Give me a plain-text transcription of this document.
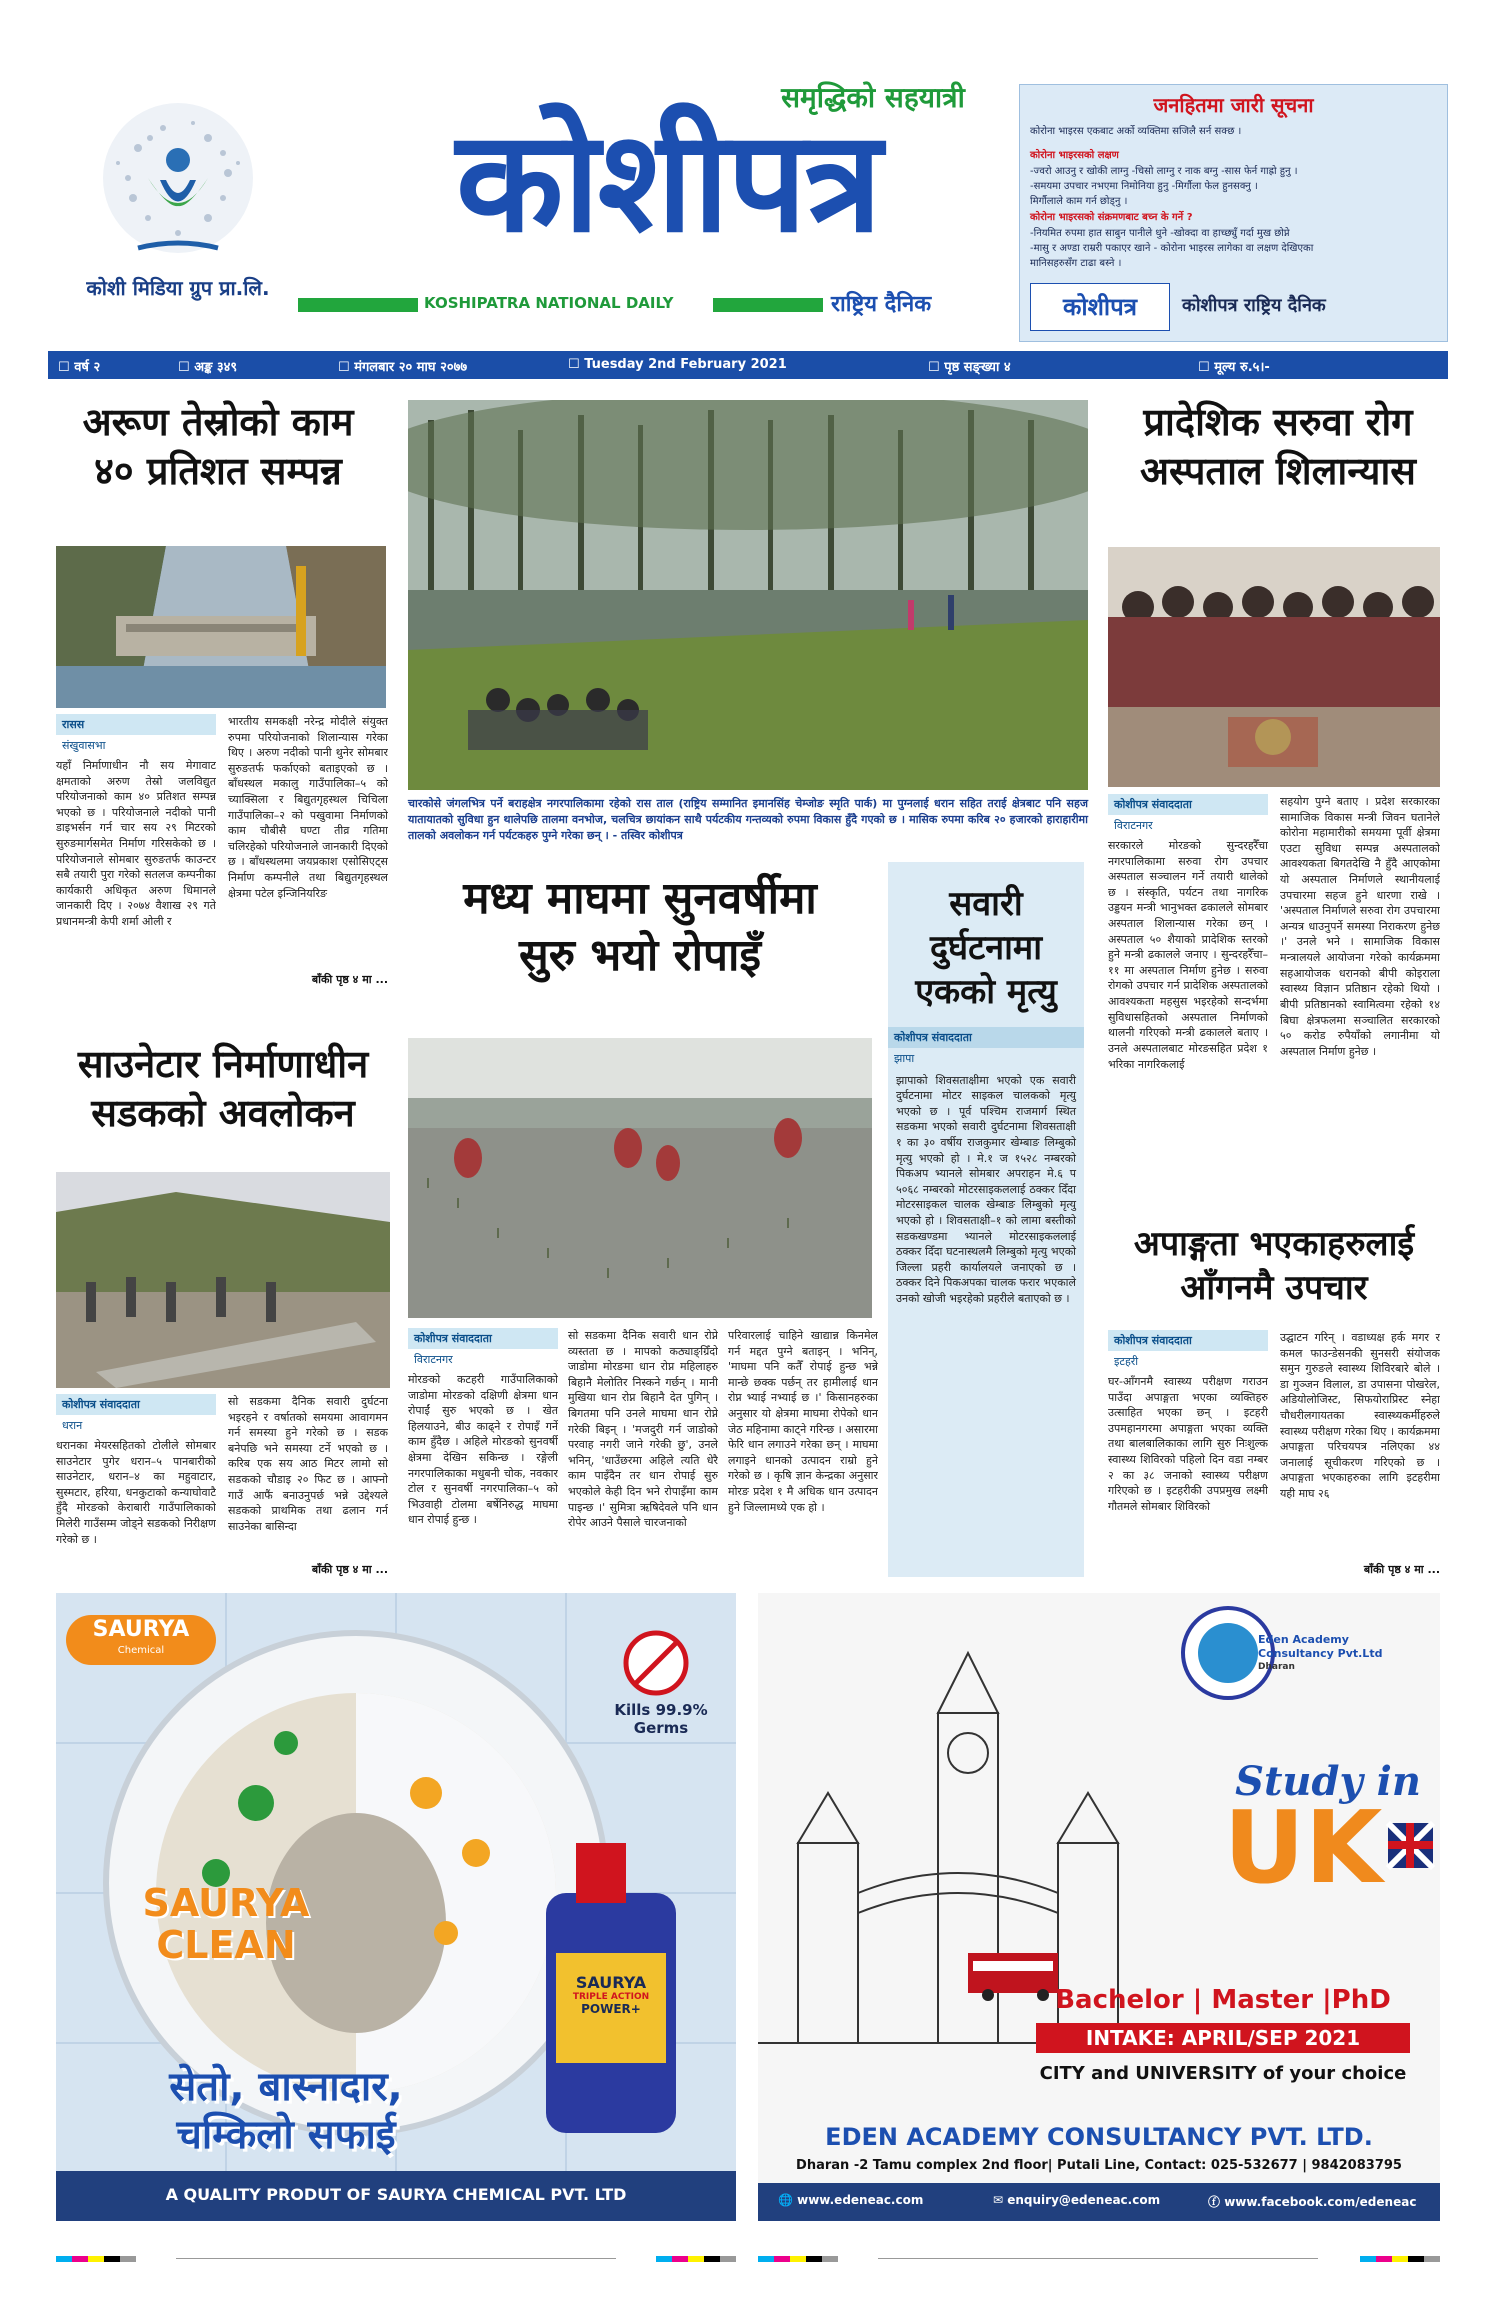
कोशी मिडिया ग्रुप प्रा.लि.
समृद्धिको सहयात्री
कोशीपत्र
KOSHIPATRA NATIONAL DAILY	राष्ट्रिय दैनिक
जनहितमा जारी सूचना
कोरोना भाइरस एकबाट अर्को व्यक्तिमा सजिलै सर्न सक्छ ।
कोरोना भाइरसको लक्षण
-ज्वरो आउनु र खोकी लाग्नु -चिसो लाग्नु र नाक बग्नु -सास फेर्न गाह्रो हुनु ।
-समयमा उपचार नभएमा निमोनिया हुनु -मिर्गौला फेल हुनसक्नु ।
मिर्गौलाले काम गर्न छोड्नु ।
कोरोना भाइरसको संक्रमणबाट बच्न के गर्ने ?
-नियमित रुपमा हात साबुन पानीले धुने -खोक्दा वा हाच्छ्युँ गर्दा मुख छोप्ने
-मासु र अण्डा राम्ररी पकाएर खाने - कोरोना भाइरस लागेका वा लक्षण देखिएका
मानिसहरुसँग टाढा बस्ने ।
कोशीपत्र	कोशीपत्र राष्ट्रिय दैनिक
☐ वर्ष २	☐ अङ्क ३४९	☐ मंगलबार २० माघ २०७७	☐ Tuesday 2nd February 2021	☐ पृष्ठ सङ्ख्या ४	☐ मूल्य रु.५।-
अरूण तेस्रोको काम
४० प्रतिशत सम्पन्न
रासस
संखुवासभा
यहाँ निर्माणाधीन नौ सय मेगावाट क्षमताको अरुण तेस्रो जलविद्युत परियोजनाको काम ४० प्रतिशत सम्पन्न भएको छ । परियोजनाले नदीको पानी डाइभर्सन गर्न चार सय २९ मिटरको सुरुङमार्गसमेत निर्माण गरिसकेको छ । परियोजनाले सोमबार सुरुङतर्फ काउन्टर सबै तयारी पुरा गरेको सतलज कम्पनीका कार्यकारी अधिकृत अरुण धिमानले जानकारी दिए । २०७४ वैशाख २९ गते प्रधानमन्त्री केपी शर्मा ओली र
भारतीय समकक्षी नरेन्द्र मोदीले संयुक्त रुपमा परियोजनाको शिलान्यास गरेका थिए । अरुण नदीको पानी थुनेर सोमबार सुरुङतर्फ फर्काएको बताइएको छ । बाँधस्थल मकालु गाउँपालिका–५ को च्याक्सिला र बिद्युतगृहस्थल चिचिला गाउँपालिका–२ को पखुवामा निर्माणको काम चौबीसै घण्टा तीव्र गतिमा चलिरहेको परियोजनाले जानकारी दिएको छ । बाँधस्थलमा जयप्रकाश एसोसिएट्स निर्माण कम्पनीले तथा बिद्युतगृहस्थल क्षेत्रमा पटेल इन्जिनियरिङ
बाँकी पृष्ठ ४ मा ...
चारकोसे जंगलभित्र पर्ने बराहक्षेत्र नगरपालिकामा रहेको रास ताल (राष्ट्रिय सम्मानित इमानसिंह चेम्जोङ स्मृति पार्क) मा पुग्नलाई धरान सहित तराई क्षेत्रबाट पनि सहज यातायातको सुविधा हुन थालेपछि तालमा वनभोज, चलचित्र छायांकन साथै पर्यटकीय गन्तव्यको रुपमा विकास हुँदै गएको छ । मासिक रुपमा करिब २० हजारको हाराहारीमा तालको अवलोकन गर्न पर्यटकहरु पुग्ने गरेका छन् । - तस्विर कोशीपत्र
प्रादेशिक सरुवा रोग
अस्पताल शिलान्यास
कोशीपत्र संवाददाता
विराटनगर
सरकारले मोरङको सुन्दरहरैँचा नगरपालिकामा सरुवा रोग उपचार अस्पताल सञ्चालन गर्ने तयारी थालेको छ । संस्कृति, पर्यटन तथा नागरिक उड्डयन मन्त्री भानुभक्त ढकालले सोमबार अस्पताल शिलान्यास गरेका छन् । अस्पताल ५० शैयाको प्रादेशिक स्तरको हुने मन्त्री ढकालले जनाए । सुन्दरहरैँचा–११ मा अस्पताल निर्माण हुनेछ । सरुवा रोगको उपचार गर्न प्रादेशिक अस्पतालको आवश्यकता महसुस भइरहेको सन्दर्भमा सुविधासहितको अस्पताल निर्माणको थालनी गरिएको मन्त्री ढकालले बताए । उनले अस्पतालबाट मोरङसहित प्रदेश १ भरिका नागरिकलाई
सहयोग पुग्ने बताए । प्रदेश सरकारका सामाजिक विकास मन्त्री जिवन घतानेले कोरोना महामारीको समयमा पूर्वी क्षेत्रमा एउटा सुविधा सम्पन्न अस्पतालको आवश्यकता बिगतदेखि नै हुँदै आएकोमा यो अस्पताल निर्माणले स्थानीयलाई उपचारमा सहज हुने धारणा राखे । 'अस्पताल निर्माणले सरुवा रोग उपचारमा अन्यत्र धाउनुपर्ने समस्या निराकरण हुनेछ ।' उनले भने । सामाजिक विकास मन्त्रालयले आयोजना गरेको कार्यक्रममा सहआयोजक धरानको बीपी कोइराला स्वास्थ्य विज्ञान प्रतिष्ठान रहेको थियो । बीपी प्रतिष्ठानको स्वामित्वमा रहेको १४ बिघा क्षेत्रफलमा सञ्चालित सरकारको ५० करोड रुपैयाँको लगानीमा यो अस्पताल निर्माण हुनेछ ।
मध्य माघमा सुनवर्षीमा
सुरु भयो रोपाइँ
कोशीपत्र संवाददाता
विराटनगर
मोरङको कटहरी गाउँपालिकाको जाडोमा मोरङको दक्षिणी क्षेत्रमा धान रोपाईं सुरु भएको छ । खेत हिलयाउने, बीउ काढ्ने र रोपाइँ गर्ने काम हुँदैछ । अहिले मोरङको सुनवर्षी क्षेत्रमा देखिन सकिन्छ । रङ्गेली नगरपालिकाका मधुबनी चोक, नवकार टोल र सुनवर्षी नगरपालिका–५ को भिउवाही टोलमा बर्षेनिरुद्ध माघमा धान रोपाई हुन्छ ।
सो सडकमा दैनिक सवारी धान रोप्ने व्यस्तता छ । मापको कठ्याङ्ग्रिँदो जाडोमा मोरङमा धान रोप्न महिलाहरु बिहानै मेलोतिर निस्कने गर्छन् । मानी मुखिया धान रोप्न बिहानै देत पुगिन् । बिगतमा पनि उनले माघमा धान रोप्ने गरेकी बिइन् । 'मजदुरी गर्न जाडोको परवाह नगरी जाने गरेकी छु', उनले भनिन्, 'धाउँछरमा अहिले त्यति धेरै काम पाइँदैन तर धान रोपाई सुरु भएकोले केही दिन भने रोपाइँमा काम पाइन्छ ।' सुमित्रा ऋषिदेवले पनि धान रोपेर आउने पैसाले चारजनाको
परिवारलाई चाहिने खाद्यान्न किनमेल गर्न मद्दत पुग्ने बताइन् । भनिन्, 'माघमा पनि कतैँ रोपाई हुन्छ भन्ने मान्छे छक्क पर्छन् तर हामीलाई धान रोप्न भ्याई नभ्याई छ ।' किसानहरुका अनुसार यो क्षेत्रमा माघमा रोपेको धान जेठ महिनामा काट्ने गरिन्छ । असारमा फेरि धान लगाउने गरेका छन् । माघमा लगाइने धानको उत्पादन राम्रो हुने गरेको छ । कृषि ज्ञान केन्द्रका अनुसार मोरङ प्रदेश १ मै अधिक धान उत्पादन हुने जिल्लामध्ये एक हो ।
सवारी
दुर्घटनामा
एकको मृत्यु
कोशीपत्र संवाददाता
झापा
झापाको शिवसताक्षीमा भएको एक सवारी दुर्घटनामा मोटर साइकल चालकको मृत्यु भएको छ । पूर्व पश्चिम राजमार्ग स्थित सडकमा भएको सवारी दुर्घटनामा शिवसताक्षी १ का ३० वर्षीय राजकुमार खेम्बाङ लिम्बुको मृत्यु भएको हो । मे.१ ज १५२८ नम्बरको पिकअप भ्यानले सोमबार अपराहन मे.६ प ५०६८ नम्बरको मोटरसाइकललाई ठक्कर दिँदा मोटरसाइकल चालक खेम्बाङ लिम्बुको मृत्यु भएको हो । शिवसताक्षी–१ को लामा बस्तीको सडकखण्डमा भ्यानले मोटरसाइकललाई ठक्कर दिँदा घटनास्थलमै लिम्बुको मृत्यु भएको जिल्ला प्रहरी कार्यालयले जनाएको छ । ठक्कर दिने पिकअपका चालक फरार भएकाले उनको खोजी भइरहेको प्रहरीले बताएको छ ।
साउनेटार निर्माणाधीन
सडकको अवलोकन
कोशीपत्र संवाददाता
धरान
धरानका मेयरसहितको टोलीले सोमबार साउनेटार पुगेर धरान–५ पानबारीको साउनेटार, धरान–४ का महुवाटार, सुस्मटार, हरिया, धनकुटाको कन्याघोवाटै हुँदै मोरङको केराबारी गाउँपालिकाको मिलेरी गाउँसम्म जोड्ने सडकको निरीक्षण गरेको छ ।
सो सडकमा दैनिक सवारी दुर्घटना भइरहने र वर्षातको समयमा आवागमन गर्न समस्या हुने गरेको छ । सडक बनेपछि भने समस्या टर्ने भएको छ । करिब एक सय आठ मिटर लामो सो सडकको चौडाइ २० फिट छ । आफ्नो गाउँ आफैं बनाउनुपर्छ भन्ने उद्देश्यले सडकको प्राथमिक तथा ढलान गर्न साउनेका बासिन्दा
बाँकी पृष्ठ ४ मा ...
अपाङ्गता भएकाहरुलाई
आँगनमै उपचार
कोशीपत्र संवाददाता
इटहरी
घर-आँगनमै स्वास्थ्य परीक्षण गराउन पाउँदा अपाङ्गता भएका व्यक्तिहरु उत्साहित भएका छन् । इटहरी उपमहानगरमा अपाङ्गता भएका व्यक्ति तथा बालबालिकाका लागि सुरु निःशुल्क स्वास्थ्य शिविरको पहिलो दिन वडा नम्बर २ का ३८ जनाको स्वास्थ्य परीक्षण गरिएको छ । इटहरीकी उपप्रमुख लक्ष्मी गौतमले सोमबार शिविरको
उद्घाटन गरिन् । वडाध्यक्ष हर्क मगर र कमल फाउन्डेसनकी सुनसरी संयोजक समुन गुरुङले स्वास्थ्य शिविरबारे बोले । डा गुञ्जन विलाल, डा उपासना पोखरेल, अडियोलोजिस्ट, सिफयोराप्रिस्ट स्नेहा चौधरीलगायतका स्वास्थ्यकर्मीहरुले स्वास्थ्य परीक्षण गरेका थिए । कार्यक्रममा अपाङ्गता परिचयपत्र नलिएका ४४ जनालाई सूचीकरण गरिएको छ । अपाङ्गता भएकाहरुका लागि इटहरीमा यही माघ २६
बाँकी पृष्ठ ४ मा ...
SAURYA
Chemical
Kills 99.9% Germs
SAURYA
CLEAN
SAURYA
TRIPLE ACTION
POWER+
सेतो, बास्नादार,
चम्किलो सफाई
A QUALITY PRODUT OF SAURYA CHEMICAL PVT. LTD
Eden Academy
Consultancy Pvt.Ltd
Dharan
Study in
UK
Bachelor | Master |PhD
INTAKE: APRIL/SEP 2021
CITY and UNIVERSITY of your choice
EDEN ACADEMY CONSULTANCY PVT. LTD.
Dharan -2 Tamu complex 2nd floor| Putali Line, Contact: 025-532677 | 9842083795
🌐 www.edeneac.com	✉ enquiry@edeneac.com	ⓕ www.facebook.com/edeneac
